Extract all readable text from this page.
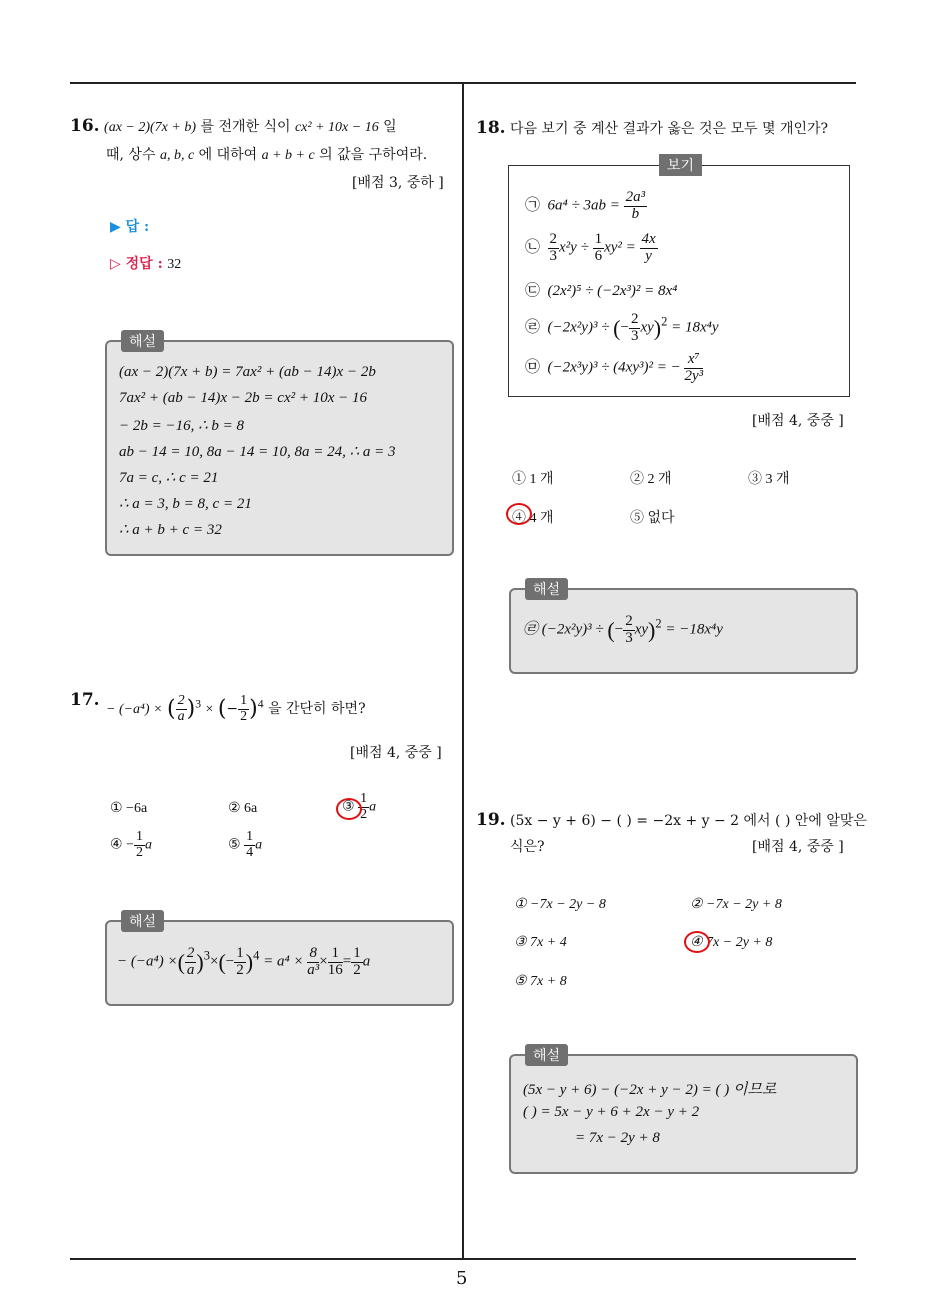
16. (ax − 2)(7x + b) 를 전개한 식이 cx² + 10x − 16 일
때, 상수 a, b, c 에 대하여 a + b + c 의 값을 구하여라.
[배점 3, 중하 ]
▶ 답 :
▷ 정답 : 32
해설
(ax − 2)(7x + b) = 7ax² + (ab − 14)x − 2b
7ax² + (ab − 14)x − 2b = cx² + 10x − 16
− 2b = −16, ∴ b = 8
ab − 14 = 10, 8a − 14 = 10, 8a = 24, ∴ a = 3
7a = c, ∴ c = 21
∴ a = 3, b = 8, c = 21
∴ a + b + c = 32
17. − (−a⁴) × ( $\frac{2}{a} )^3$ × (− $\frac{1}{2} )^4$ 을 간단히 하면?
[배점 4, 중중 ]
① −6a	② 6a	③ $\frac{1}{2}$ a
④ − $\frac{1}{2}$ a	⑤ $\frac{1}{4}$ a
해설
− (−a⁴) ×( $\frac{2}{a} )^3\times(- \frac{1}{2} )^4 = a^4 \times \frac{8}{\text{a³}} \times \frac{1}{16} = \frac{1}{2}$ a
18. 다음 보기 중 계산 결과가 옳은 것은 모두 몇 개인가?
보기
㉠ $6a^4 \div 3ab = \frac{\text{2a³}}{b}$
㉡ $\frac{2}{3} x^2y \div \frac{1}{6} xy^2 = \frac{4x}{y}$
㉢ (2x²)⁵ ÷ (−2x³)² = 8x⁴
㉣ (−2x²y)³ ÷ (− $\frac{2}{3} xy)^2 = 18x^4y$
㉤ (−2x³y)³ ÷ (4xy³)² = − $\frac{\text{x⁷}}{\text{2y³}}$
[배점 4, 중중 ]
① 1 개	② 2 개	③ 3 개
④ 4 개	⑤ 없다
해설
㉣ (−2x²y)³ ÷ (− $\frac{2}{3} xy)^2 = -18x^4y$
19. (5x − y + 6) − ( ) = −2x + y − 2 에서 ( ) 안에 알맞은
식은?	[배점 4, 중중 ]
① −7x − 2y − 8	② −7x − 2y + 8
③ 7x + 4	④ 7x − 2y + 8
⑤ 7x + 8
해설
(5x − y + 6) − (−2x + y − 2) = ( ) 이므로
( ) = 5x − y + 6 + 2x − y + 2
= 7x − 2y + 8
5
